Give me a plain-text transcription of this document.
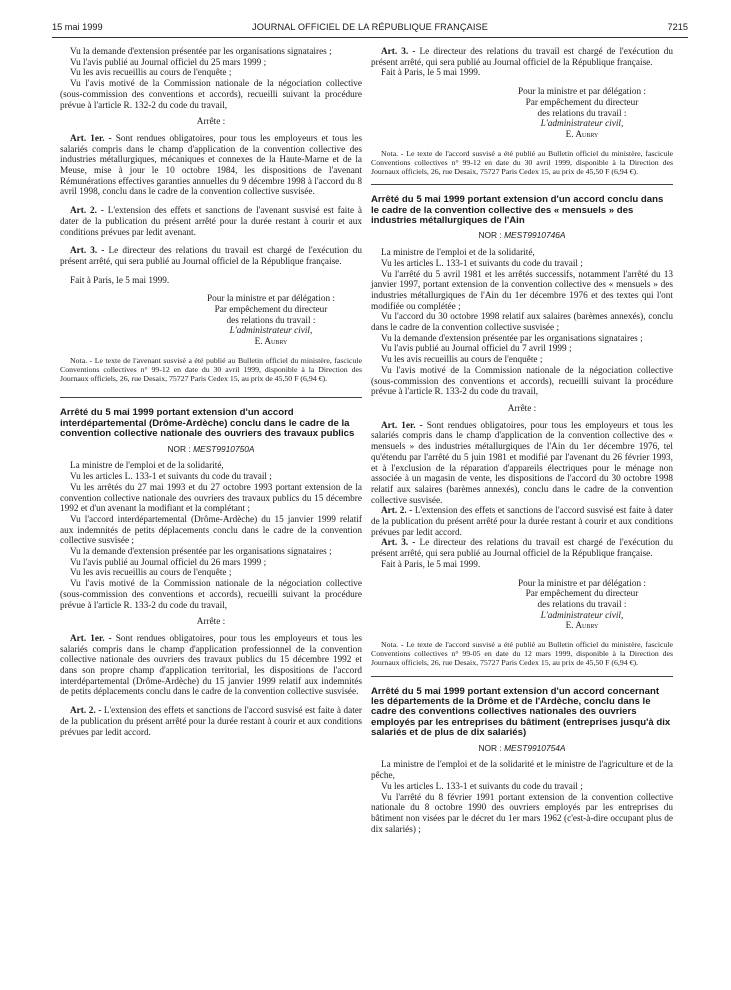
15 mai 1999	JOURNAL OFFICIEL DE LA RÉPUBLIQUE FRANÇAISE	7215

Vu la demande d'extension présentée par les organisations signataires ;

Vu l'avis publié au Journal officiel du 25 mars 1999 ;

Vu les avis recueillis au cours de l'enquête ;

Vu l'avis motivé de la Commission nationale de la négociation collective (sous-commission des conventions et accords), recueilli suivant la procédure prévue à l'article R. 132-2 du code du travail,

Arrête :

Art. 1er. - Sont rendues obligatoires, pour tous les employeurs et tous les salariés compris dans le champ d'application de la convention collective des industries métallurgiques, mécaniques et connexes de la Haute-Marne et de la Meuse, mise à jour le 10 octobre 1984, les dispositions de l'avenant Rémunérations effectives garanties annuelles du 9 décembre 1998 à l'accord du 8 avril 1998, conclu dans le cadre de la convention collective susvisée.

Art. 2. - L'extension des effets et sanctions de l'avenant susvisé est faite à dater de la publication du présent arrêté pour la durée restant à courir et aux conditions prévues par ledit avenant.

Art. 3. - Le directeur des relations du travail est chargé de l'exécution du présent arrêté, qui sera publié au Journal officiel de la République française.

Fait à Paris, le 5 mai 1999.

Pour la ministre et par délégation :

Par empêchement du directeur

des relations du travail :

L'administrateur civil,

E. Aubry

Nota. - Le texte de l'avenant susvisé a été publié au Bulletin officiel du ministère, fascicule Conventions collectives n° 99-12 en date du 30 avril 1999, disponible à la Direction des Journaux officiels, 26, rue Desaix, 75727 Paris Cedex 15, au prix de 45,50 F (6,94 €).

Arrêté du 5 mai 1999 portant extension d'un accord interdépartemental (Drôme-Ardèche) conclu dans le cadre de la convention collective nationale des ouvriers des travaux publics

NOR : MESТ9910750A

La ministre de l'emploi et de la solidarité,

Vu les articles L. 133-1 et suivants du code du travail ;

Vu les arrêtés du 27 mai 1993 et du 27 octobre 1993 portant extension de la convention collective nationale des ouvriers des travaux publics du 15 décembre 1992 et d'un avenant la modifiant et la complétant ;

Vu l'accord interdépartemental (Drôme-Ardèche) du 15 janvier 1999 relatif aux indemnités de petits déplacements conclu dans le cadre de la convention collective susvisée ;

Vu la demande d'extension présentée par les organisations signataires ;

Vu l'avis publié au Journal officiel du 26 mars 1999 ;

Vu les avis recueillis au cours de l'enquête ;

Vu l'avis motivé de la Commission nationale de la négociation collective (sous-commission des conventions et accords), recueilli suivant la procédure prévue à l'article R. 133-2 du code du travail,

Arrête :

Art. 1er. - Sont rendues obligatoires, pour tous les employeurs et tous les salariés compris dans le champ d'application professionnel de la convention collective nationale des ouvriers des travaux publics du 15 décembre 1992 et dans son propre champ d'application territorial, les dispositions de l'accord interdépartemental (Drôme-Ardèche) du 15 janvier 1999 relatif aux indemnités de petits déplacements conclu dans le cadre de la convention collective susvisée.

Art. 2. - L'extension des effets et sanctions de l'accord susvisé est faite à dater de la publication du présent arrêté pour la durée restant à courir et aux conditions prévues par ledit accord.

Art. 3. - Le directeur des relations du travail est chargé de l'exécution du présent arrêté, qui sera publié au Journal officiel de la République française.

Fait à Paris, le 5 mai 1999.

Pour la ministre et par délégation :

Par empêchement du directeur

des relations du travail :

L'administrateur civil,

E. Aubry

Nota. - Le texte de l'accord susvisé a été publié au Bulletin officiel du ministère, fascicule Conventions collectives n° 99-12 en date du 30 avril 1999, disponible à la Direction des Journaux officiels, 26, rue Desaix, 75727 Paris Cedex 15, au prix de 45,50 F (6,94 €).

Arrêté du 5 mai 1999 portant extension d'un accord conclu dans le cadre de la convention collective des « mensuels » des industries métallurgiques de l'Ain

NOR : MEST9910746A

La ministre de l'emploi et de la solidarité,

Vu les articles L. 133-1 et suivants du code du travail ;

Vu l'arrêté du 5 avril 1981 et les arrêtés successifs, notamment l'arrêté du 13 janvier 1997, portant extension de la convention collective des « mensuels » des industries métallurgiques de l'Ain du 1er décembre 1976 et des textes qui l'ont modifiée ou complétée ;

Vu l'accord du 30 octobre 1998 relatif aux salaires (barèmes annexés), conclu dans le cadre de la convention collective susvisée ;

Vu la demande d'extension présentée par les organisations signataires ;

Vu l'avis publié au Journal officiel du 7 avril 1999 ;

Vu les avis recueillis au cours de l'enquête ;

Vu l'avis motivé de la Commission nationale de la négociation collective (sous-commission des conventions et accords), recueilli suivant la procédure prévue à l'article R. 133-2 du code du travail,

Arrête :

Art. 1er. - Sont rendues obligatoires, pour tous les employeurs et tous les salariés compris dans le champ d'application de la convention collective des « mensuels » des industries métallurgiques de l'Ain du 1er décembre 1976, tel qu'étendu par l'arrêté du 5 juin 1981 et modifié par l'avenant du 26 février 1993, et à l'exclusion de la réparation d'appareils électriques pour le ménage non associée à un magasin de vente, les dispositions de l'accord du 30 octobre 1998 relatif aux salaires (barèmes annexés), conclu dans le cadre de la convention collective susvisée.

Art. 2. - L'extension des effets et sanctions de l'accord susvisé est faite à dater de la publication du présent arrêté pour la durée restant à courir et aux conditions prévues par ledit accord.

Art. 3. - Le directeur des relations du travail est chargé de l'exécution du présent arrêté, qui sera publié au Journal officiel de la République française.

Fait à Paris, le 5 mai 1999.

Pour la ministre et par délégation :

Par empêchement du directeur

des relations du travail :

L'administrateur civil,

E. Aubry

Nota. - Le texte de l'accord susvisé a été publié au Bulletin officiel du ministère, fascicule Conventions collectives n° 99-05 en date du 12 mars 1999, disponible à la Direction des Journaux officiels, 26, rue Desaix, 75727 Paris Cedex 15, au prix de 45,50 F (6,94 €).

Arrêté du 5 mai 1999 portant extension d'un accord concernant les départements de la Drôme et de l'Ardèche, conclu dans le cadre des conventions collectives nationales des ouvriers employés par les entreprises du bâtiment (entreprises jusqu'à dix salariés et de plus de dix salariés)

NOR : MEST9910754A

La ministre de l'emploi et de la solidarité et le ministre de l'agriculture et de la pêche,

Vu les articles L. 133-1 et suivants du code du travail ;

Vu l'arrêté du 8 février 1991 portant extension de la convention collective nationale du 8 octobre 1990 des ouvriers employés par les entreprises du bâtiment non visées par le décret du 1er mars 1962 (c'est-à-dire occupant plus de dix salariés) ;
